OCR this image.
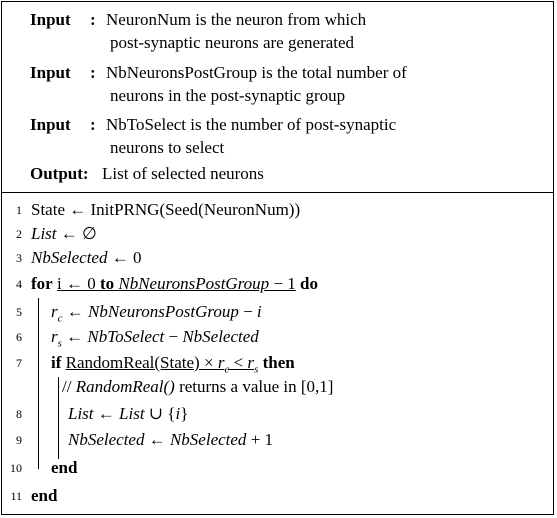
Input : NeuronNum is the neuron from which
post-synaptic neurons are generated
Input : NbNeuronsPostGroup is the total number of
neurons in the post-synaptic group
Input : NbToSelect is the number of post-synaptic
neurons to select
Output: List of selected neurons
1 State ← InitPRNG(Seed(NeuronNum))
2 List ← ∅
3 NbSelected ← 0
4 for i ← 0 to NbNeuronsPostGroup − 1 do
5 $r_c$ ← NbNeuronsPostGroup − i
6 $r_s$ ← NbToSelect − NbSelected
7 if RandomReal(State) × $r_c < r_s$ then
// RandomReal() returns a value in [0,1]
8	List ← List ∪ {i}
9	NbSelected ← NbSelected + 1
10 end
11 end
